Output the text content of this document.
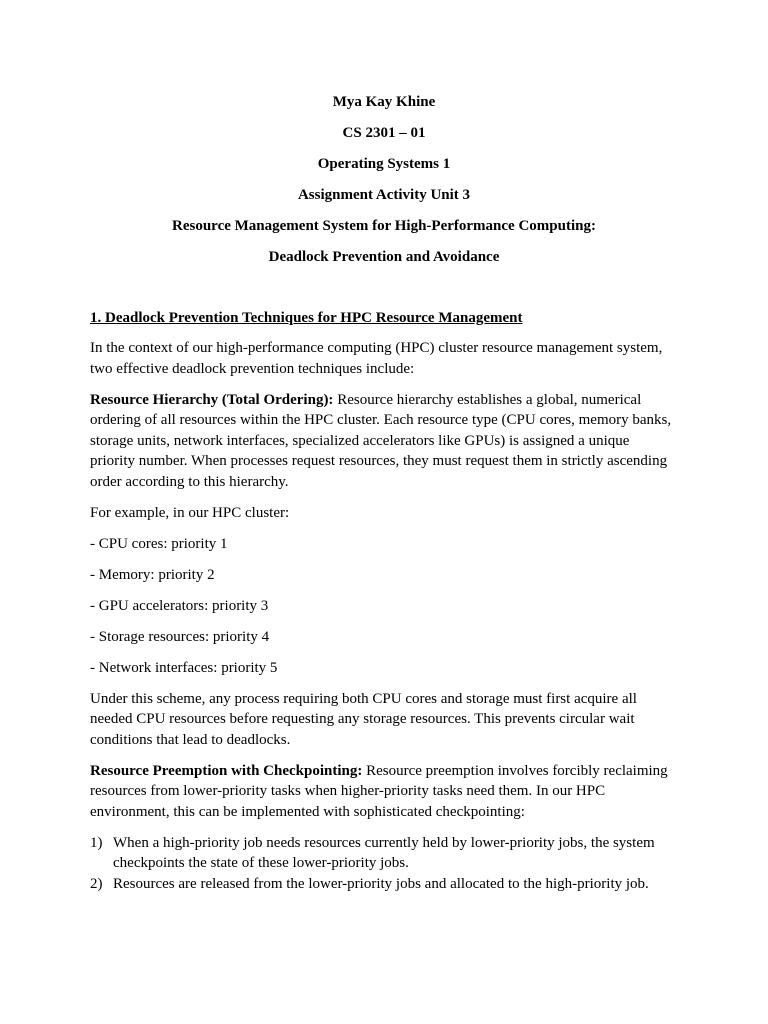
Mya Kay Khine
CS 2301 – 01
Operating Systems 1
Assignment Activity Unit 3
Resource Management System for High-Performance Computing:
Deadlock Prevention and Avoidance
1. Deadlock Prevention Techniques for HPC Resource Management

In the context of our high-performance computing (HPC) cluster resource management system, two effective deadlock prevention techniques include:

Resource Hierarchy (Total Ordering): Resource hierarchy establishes a global, numerical ordering of all resources within the HPC cluster. Each resource type (CPU cores, memory banks, storage units, network interfaces, specialized accelerators like GPUs) is assigned a unique priority number. When processes request resources, they must request them in strictly ascending order according to this hierarchy.

For example, in our HPC cluster:

- CPU cores: priority 1
- Memory: priority 2
- GPU accelerators: priority 3
- Storage resources: priority 4
- Network interfaces: priority 5

Under this scheme, any process requiring both CPU cores and storage must first acquire all needed CPU resources before requesting any storage resources. This prevents circular wait conditions that lead to deadlocks.

Resource Preemption with Checkpointing: Resource preemption involves forcibly reclaiming resources from lower-priority tasks when higher-priority tasks need them. In our HPC environment, this can be implemented with sophisticated checkpointing:

1) When a high-priority job needs resources currently held by lower-priority jobs, the system checkpoints the state of these lower-priority jobs.
2) Resources are released from the lower-priority jobs and allocated to the high-priority job.
